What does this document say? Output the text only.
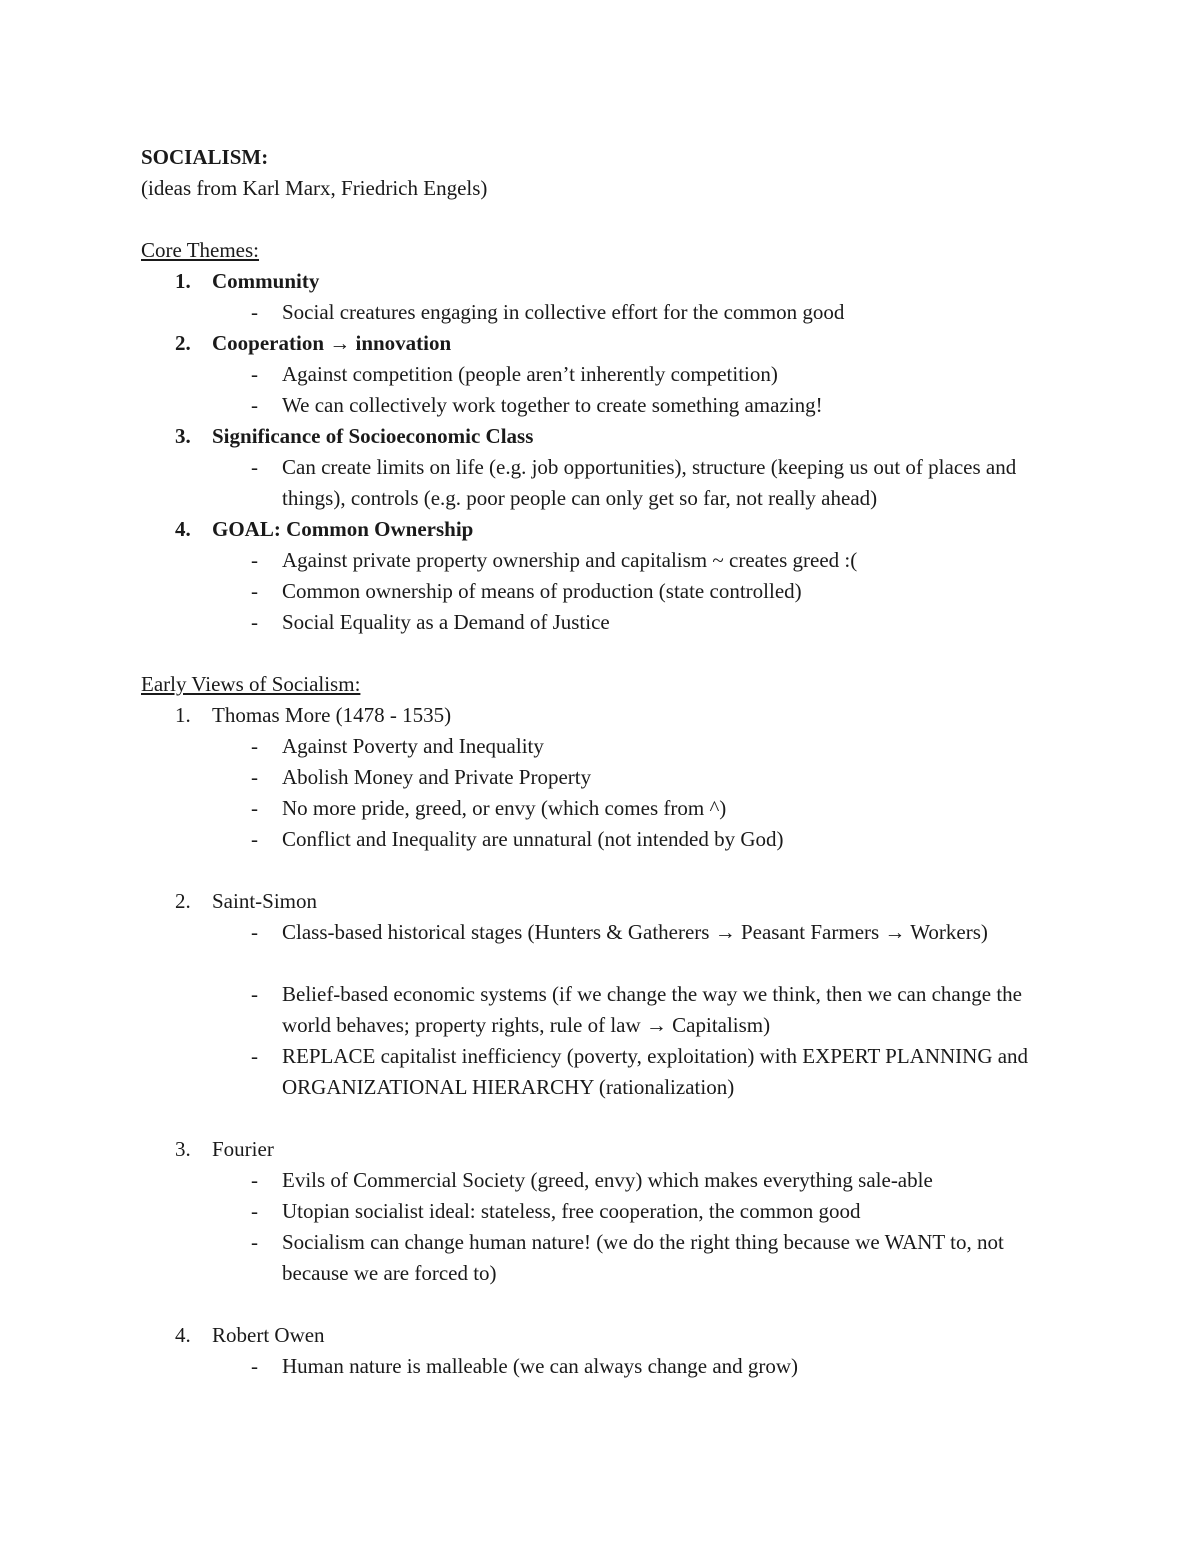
SOCIALISM:
(ideas from Karl Marx, Friedrich Engels)
Core Themes:
1. Community
- Social creatures engaging in collective effort for the common good
2. Cooperation → innovation
- Against competition (people aren’t inherently competition)
- We can collectively work together to create something amazing!
3. Significance of Socioeconomic Class
- Can create limits on life (e.g. job opportunities), structure (keeping us out of places and things), controls (e.g. poor people can only get so far, not really ahead)
4. GOAL: Common Ownership
- Against private property ownership and capitalism ~ creates greed :(
- Common ownership of means of production (state controlled)
- Social Equality as a Demand of Justice
Early Views of Socialism:
1. Thomas More (1478 - 1535)
- Against Poverty and Inequality
- Abolish Money and Private Property
- No more pride, greed, or envy (which comes from ^)
- Conflict and Inequality are unnatural (not intended by God)
2. Saint-Simon
- Class-based historical stages (Hunters & Gatherers → Peasant Farmers → Workers)
- Belief-based economic systems (if we change the way we think, then we can change the world behaves; property rights, rule of law → Capitalism)
- REPLACE capitalist inefficiency (poverty, exploitation) with EXPERT PLANNING and ORGANIZATIONAL HIERARCHY (rationalization)
3. Fourier
- Evils of Commercial Society (greed, envy) which makes everything sale-able
- Utopian socialist ideal: stateless, free cooperation, the common good
- Socialism can change human nature! (we do the right thing because we WANT to, not because we are forced to)
4. Robert Owen
- Human nature is malleable (we can always change and grow)
